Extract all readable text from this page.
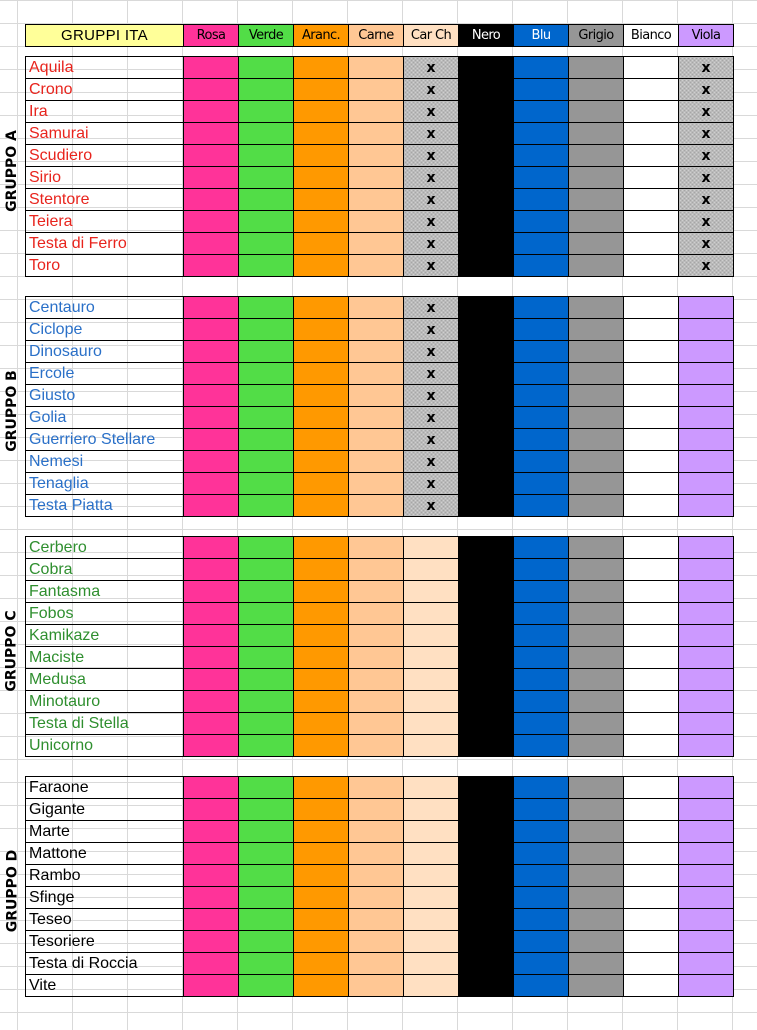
GRUPPI ITA	Rosa	Verde	Aranc.	Carne	Car Ch	Nero	Blu	Grigio	Bianco	Viola
GRUPPO A
Aquila					x					x
Crono					x					x
Ira					x					x
Samurai					x					x
Scudiero					x					x
Sirio					x					x
Stentore					x					x
Teiera					x					x
Testa di Ferro					x					x
Toro					x					x
GRUPPO B
Centauro					x					
Ciclope					x					
Dinosauro					x					
Ercole					x					
Giusto					x					
Golia					x					
Guerriero Stellare					x					
Nemesi					x					
Tenaglia					x					
Testa Piatta					x					
GRUPPO C
Cerbero										
Cobra										
Fantasma										
Fobos										
Kamikaze										
Maciste										
Medusa										
Minotauro										
Testa di Stella										
Unicorno										
GRUPPO D
Faraone										
Gigante										
Marte										
Mattone										
Rambo										
Sfinge										
Teseo										
Tesoriere										
Testa di Roccia										
Vite										
